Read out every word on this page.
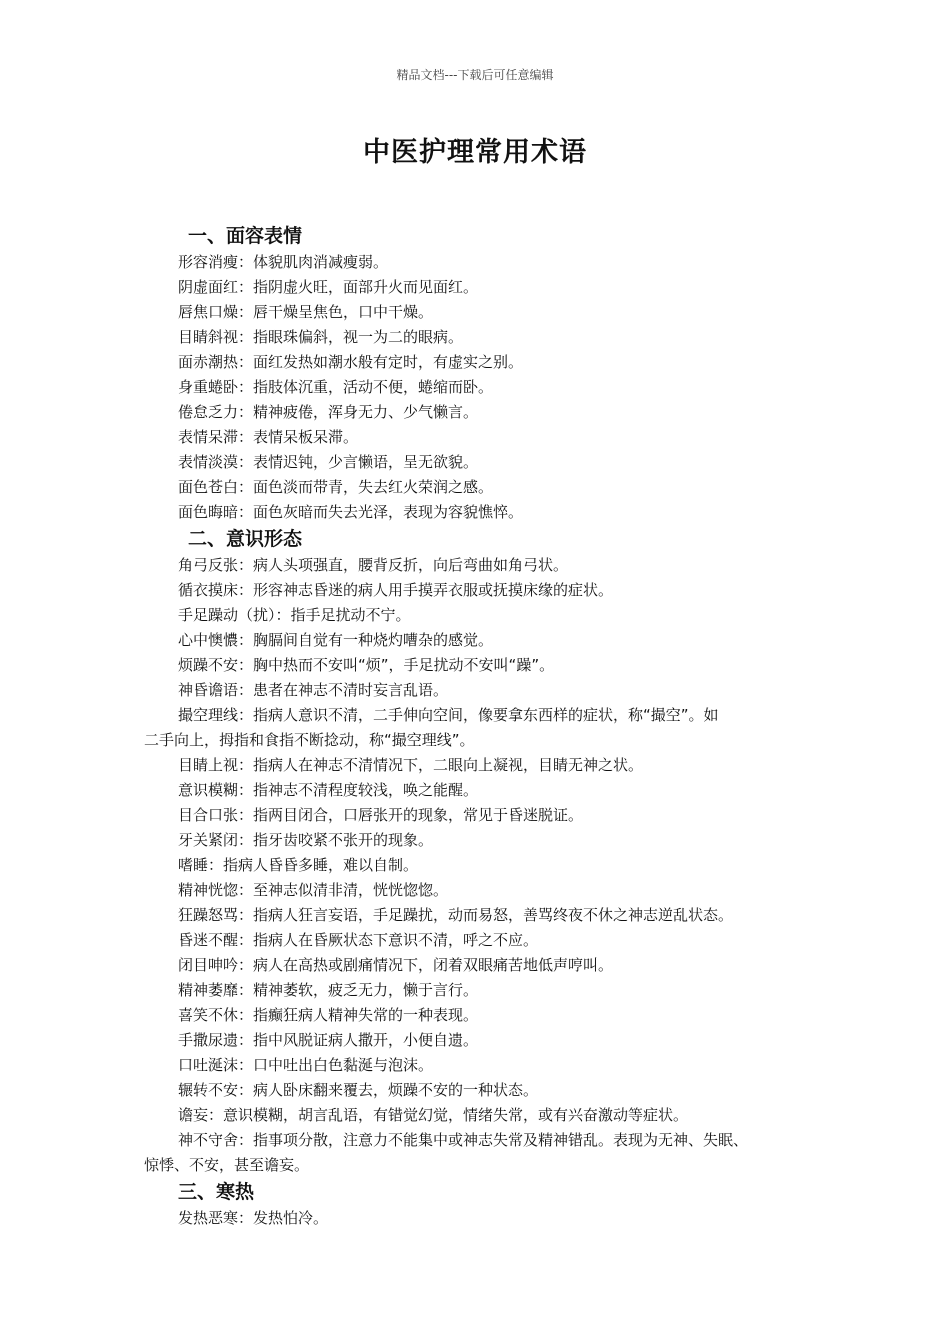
精品文档---下载后可任意编辑
中医护理常用术语
一、面容表情
形容消瘦：体貌肌肉消减瘦弱。
阴虚面红：指阴虚火旺，面部升火而见面红。
唇焦口燥：唇干燥呈焦色，口中干燥。
目睛斜视：指眼珠偏斜，视一为二的眼病。
面赤潮热：面红发热如潮水般有定时，有虚实之别。
身重蜷卧：指肢体沉重，活动不便，蜷缩而卧。
倦怠乏力：精神疲倦，浑身无力、少气懒言。
表情呆滞：表情呆板呆滞。
表情淡漠：表情迟钝，少言懒语，呈无欲貌。
面色苍白：面色淡而带青，失去红火荣润之感。
面色晦暗：面色灰暗而失去光泽，表现为容貌憔悴。
二、意识形态
角弓反张：病人头项强直，腰背反折，向后弯曲如角弓状。
循衣摸床：形容神志昏迷的病人用手摸弄衣服或抚摸床缘的症状。
手足躁动（扰）：指手足扰动不宁。
心中懊憹：胸膈间自觉有一种烧灼嘈杂的感觉。
烦躁不安：胸中热而不安叫“烦”，手足扰动不安叫“躁”。
神昏谵语：患者在神志不清时妄言乱语。
撮空理线：指病人意识不清，二手伸向空间，像要拿东西样的症状，称“撮空”。如
二手向上，拇指和食指不断捻动，称“撮空理线”。
目睛上视：指病人在神志不清情况下，二眼向上凝视，目睛无神之状。
意识模糊：指神志不清程度较浅，唤之能醒。
目合口张：指两目闭合，口唇张开的现象，常见于昏迷脱证。
牙关紧闭：指牙齿咬紧不张开的现象。
嗜睡：指病人昏昏多睡，难以自制。
精神恍惚：至神志似清非清，恍恍惚惚。
狂躁怒骂：指病人狂言妄语，手足躁扰，动而易怒，善骂终夜不休之神志逆乱状态。
昏迷不醒：指病人在昏厥状态下意识不清，呼之不应。
闭目呻吟：病人在高热或剧痛情况下，闭着双眼痛苦地低声哼叫。
精神萎靡：精神萎软，疲乏无力，懒于言行。
喜笑不休：指癫狂病人精神失常的一种表现。
手撒尿遗：指中风脱证病人撒开，小便自遗。
口吐涎沫：口中吐出白色黏涎与泡沫。
辗转不安：病人卧床翻来覆去，烦躁不安的一种状态。
谵妄：意识模糊，胡言乱语，有错觉幻觉，情绪失常，或有兴奋激动等症状。
神不守舍：指事项分散，注意力不能集中或神志失常及精神错乱。表现为无神、失眠、
惊悸、不安，甚至谵妄。
三、寒热
发热恶寒：发热怕冷。
